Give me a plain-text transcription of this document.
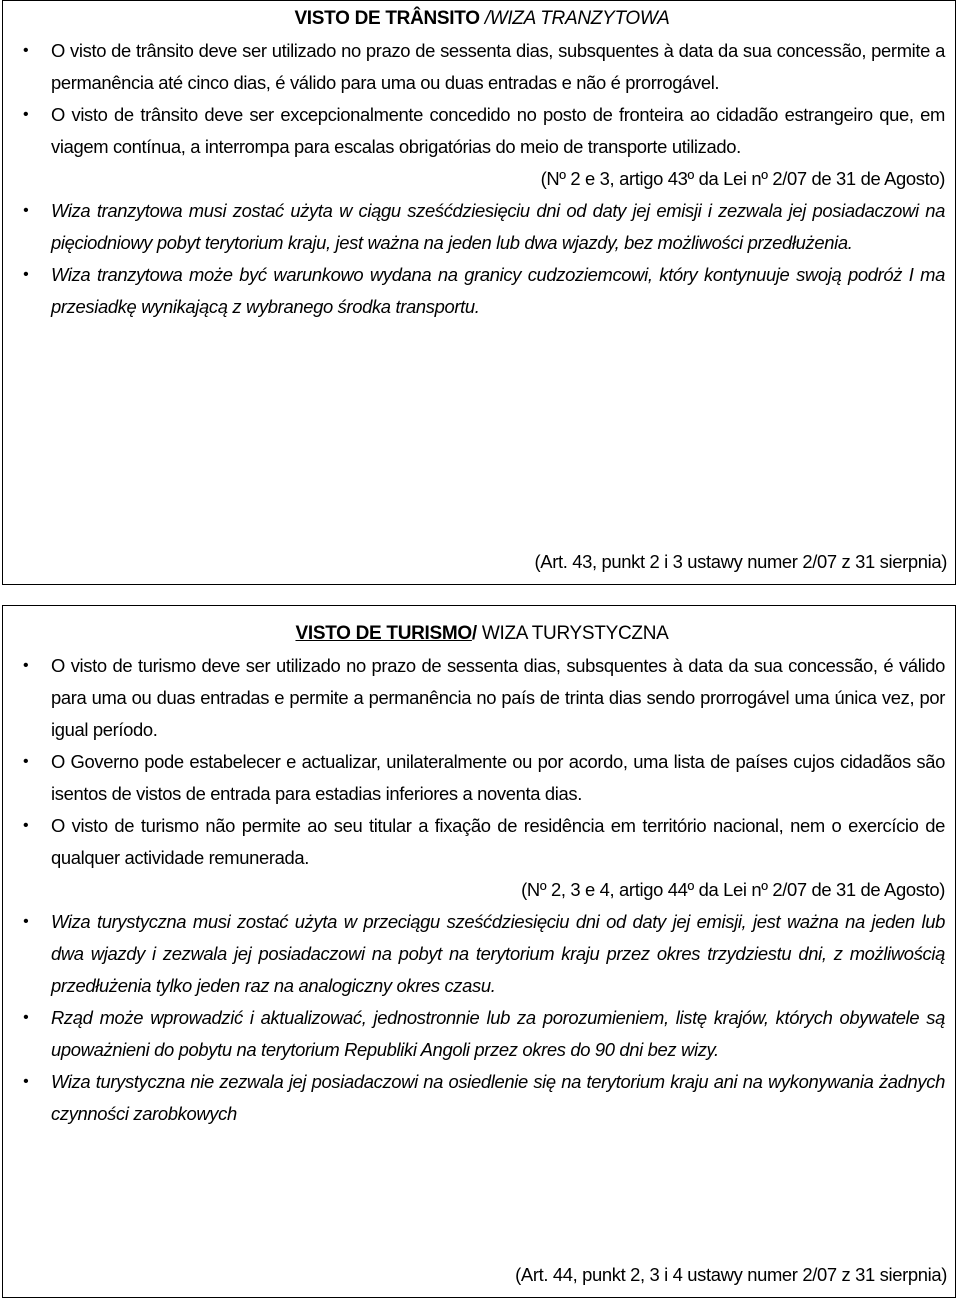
VISTO DE TRÂNSITO /WIZA TRANZYTOWA

• O visto de trânsito deve ser utilizado no prazo de sessenta dias, subsquentes à data da sua concessão, permite a permanência até cinco dias, é válido para uma ou duas entradas e não é prorrogável.
• O visto de trânsito deve ser excepcionalmente concedido no posto de fronteira ao cidadão estrangeiro que, em viagem contínua, a interrompa para escalas obrigatórias do meio de transporte utilizado.
(Nº 2 e 3, artigo 43º da Lei nº 2/07 de 31 de Agosto)
• Wiza tranzytowa musi zostać użyta w ciągu sześćdziesięciu dni od daty jej emisji i zezwala jej posiadaczowi na pięciodniowy pobyt terytorium kraju, jest ważna na jeden lub dwa wjazdy, bez możliwości przedłużenia.
• Wiza tranzytowa może być warunkowo wydana na granicy cudzoziemcowi, który kontynuuje swoją podróż I ma przesiadkę wynikającą z wybranego środka transportu.
(Art. 43, punkt 2 i 3 ustawy numer 2/07 z 31 sierpnia)

VISTO DE TURISMO/ WIZA TURYSTYCZNA

• O visto de turismo deve ser utilizado no prazo de sessenta dias, subsquentes à data da sua concessão, é válido para uma ou duas entradas e permite a permanência no país de trinta dias sendo prorrogável uma única vez, por igual período.
• O Governo pode estabelecer e actualizar, unilateralmente ou por acordo, uma lista de países cujos cidadãos são isentos de vistos de entrada para estadias inferiores a noventa dias.
• O visto de turismo não permite ao seu titular a fixação de residência em território nacional, nem o exercício de qualquer actividade remunerada.
(Nº 2, 3 e 4, artigo 44º da Lei nº 2/07 de 31 de Agosto)
• Wiza turystyczna musi zostać użyta w przeciągu sześćdziesięciu dni od daty jej emisji, jest ważna na jeden lub dwa wjazdy i zezwala jej posiadaczowi na pobyt na terytorium kraju przez okres trzydziestu dni, z możliwością przedłużenia tylko jeden raz na analogiczny okres czasu.
• Rząd może wprowadzić i aktualizować, jednostronnie lub za porozumieniem, listę krajów, których obywatele są upoważnieni do pobytu na terytorium Republiki Angoli przez okres do 90 dni bez wizy.
• Wiza turystyczna nie zezwala jej posiadaczowi na osiedlenie się na terytorium kraju ani na wykonywania żadnych czynności zarobkowych
(Art. 44, punkt 2, 3 i 4 ustawy numer 2/07 z 31 sierpnia)
